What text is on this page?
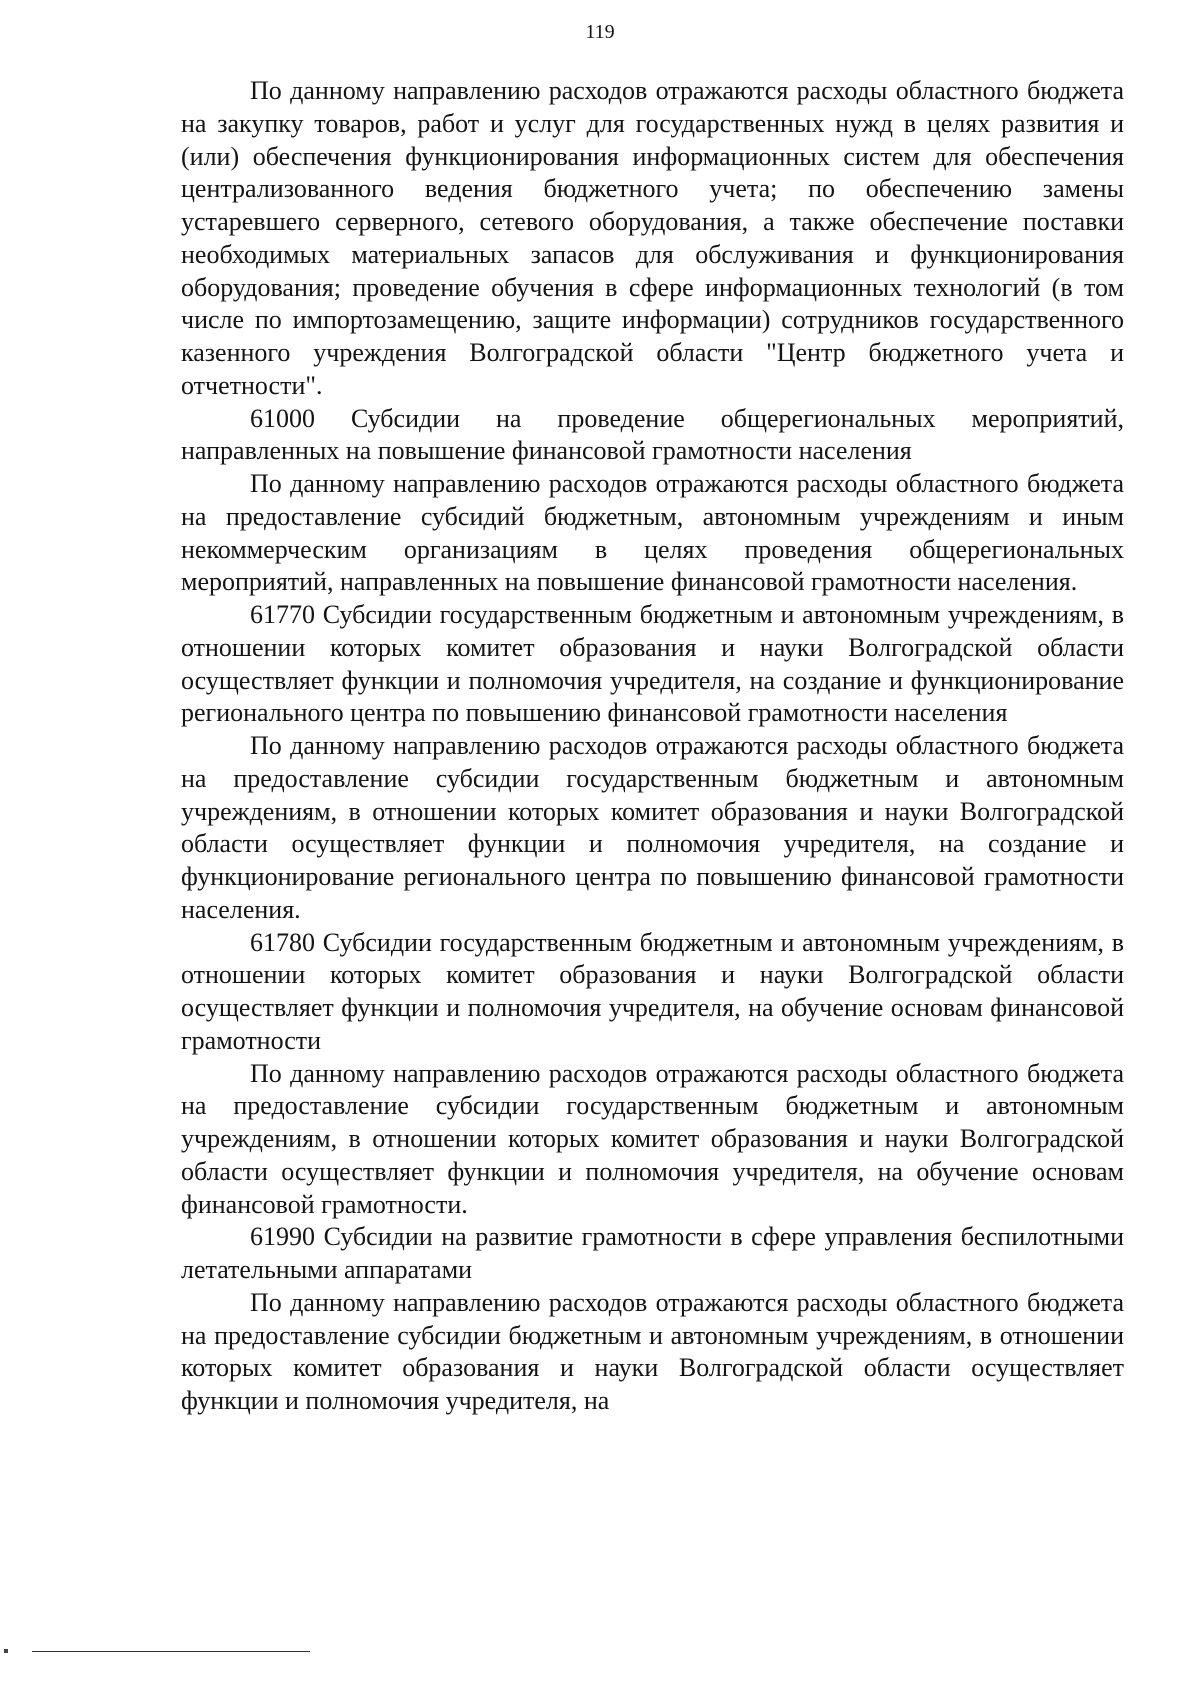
119

По данному направлению расходов отражаются расходы областного бюджета на закупку товаров, работ и услуг для государственных нужд в целях развития и (или) обеспечения функционирования информационных систем для обеспечения централизованного ведения бюджетного учета; по обеспечению замены устаревшего серверного, сетевого оборудования, а также обеспечение поставки необходимых материальных запасов для обслуживания и функционирования оборудования; проведение обучения в сфере информационных технологий (в том числе по импортозамещению, защите информации) сотрудников государственного казенного учреждения Волгоградской области "Центр бюджетного учета и отчетности".

61000 Субсидии на проведение общерегиональных мероприятий, направленных на повышение финансовой грамотности населения

По данному направлению расходов отражаются расходы областного бюджета на предоставление субсидий бюджетным, автономным учреждениям и иным некоммерческим организациям в целях проведения общерегиональных мероприятий, направленных на повышение финансовой грамотности населения.

61770 Субсидии государственным бюджетным и автономным учреждениям, в отношении которых комитет образования и науки Волгоградской области осуществляет функции и полномочия учредителя, на создание и функционирование регионального центра по повышению финансовой грамотности населения

По данному направлению расходов отражаются расходы областного бюджета на предоставление субсидии государственным бюджетным и автономным учреждениям, в отношении которых комитет образования и науки Волгоградской области осуществляет функции и полномочия учредителя, на создание и функционирование регионального центра по повышению финансовой грамотности населения.

61780 Субсидии государственным бюджетным и автономным учреждениям, в отношении которых комитет образования и науки Волгоградской области осуществляет функции и полномочия учредителя, на обучение основам финансовой грамотности

По данному направлению расходов отражаются расходы областного бюджета на предоставление субсидии государственным бюджетным и автономным учреждениям, в отношении которых комитет образования и науки Волгоградской области осуществляет функции и полномочия учредителя, на обучение основам финансовой грамотности.

61990 Субсидии на развитие грамотности в сфере управления беспилотными летательными аппаратами

По данному направлению расходов отражаются расходы областного бюджета на предоставление субсидии бюджетным и автономным учреждениям, в отношении которых комитет образования и науки Волгоградской области осуществляет функции и полномочия учредителя, на
